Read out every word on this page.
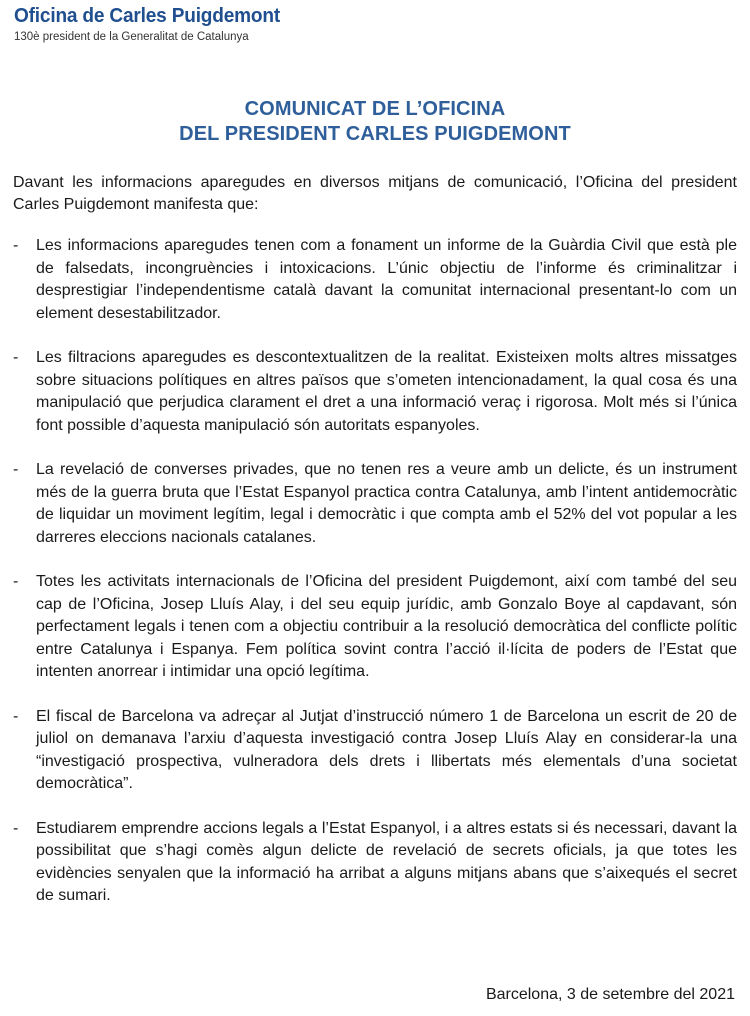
Oficina de Carles Puigdemont
130è president de la Generalitat de Catalunya
COMUNICAT DE L’OFICINA
DEL PRESIDENT CARLES PUIGDEMONT

Davant les informacions aparegudes en diversos mitjans de comunicació, l’Oficina del president Carles Puigdemont manifesta que:

- Les informacions aparegudes tenen com a fonament un informe de la Guàrdia Civil que està ple de falsedats, incongruències i intoxicacions. L’únic objectiu de l’informe és criminalitzar i desprestigiar l’independentisme català davant la comunitat internacional presentant-lo com un element desestabilitzador.
- Les filtracions aparegudes es descontextualitzen de la realitat. Existeixen molts altres missatges sobre situacions polítiques en altres països que s’ometen intencionadament, la qual cosa és una manipulació que perjudica clarament el dret a una informació veraç i rigorosa. Molt més si l’única font possible d’aquesta manipulació són autoritats espanyoles.
- La revelació de converses privades, que no tenen res a veure amb un delicte, és un instrument més de la guerra bruta que l’Estat Espanyol practica contra Catalunya, amb l’intent antidemocràtic de liquidar un moviment legítim, legal i democràtic i que compta amb el 52% del vot popular a les darreres eleccions nacionals catalanes.
- Totes les activitats internacionals de l’Oficina del president Puigdemont, així com també del seu cap de l’Oficina, Josep Lluís Alay, i del seu equip jurídic, amb Gonzalo Boye al capdavant, són perfectament legals i tenen com a objectiu contribuir a la resolució democràtica del conflicte polític entre Catalunya i Espanya. Fem política sovint contra l’acció il·lícita de poders de l’Estat que intenten anorrear i intimidar una opció legítima.
- El fiscal de Barcelona va adreçar al Jutjat d’instrucció número 1 de Barcelona un escrit de 20 de juliol on demanava l’arxiu d’aquesta investigació contra Josep Lluís Alay en considerar-la una “investigació prospectiva, vulneradora dels drets i llibertats més elementals d’una societat democràtica”.
- Estudiarem emprendre accions legals a l’Estat Espanyol, i a altres estats si és necessari, davant la possibilitat que s’hagi comès algun delicte de revelació de secrets oficials, ja que totes les evidències senyalen que la informació ha arribat a alguns mitjans abans que s’aixequés el secret de sumari.
Barcelona, 3 de setembre del 2021
